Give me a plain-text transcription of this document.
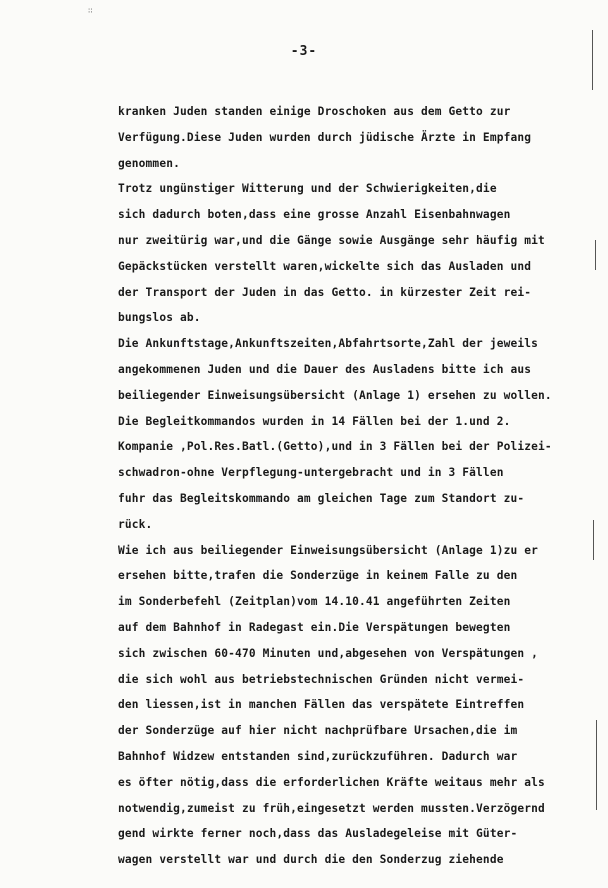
∷
-3-
kranken Juden standen einige Droschoken aus dem Getto zur
Verfügung.Diese Juden wurden durch jüdische Ärzte in Empfang
genommen.
Trotz ungünstiger Witterung und der Schwierigkeiten,die
sich dadurch boten,dass eine grosse Anzahl Eisenbahnwagen
nur zweitürig war,und die Gänge sowie Ausgänge sehr häufig mit
Gepäckstücken verstellt waren,wickelte sich das Ausladen und
der Transport der Juden in das Getto. in kürzester Zeit rei-
bungslos ab.
Die Ankunftstage,Ankunftszeiten,Abfahrtsorte,Zahl der jeweils
angekommenen Juden und die Dauer des Ausladens bitte ich aus
beiliegender Einweisungsübersicht (Anlage 1) ersehen zu wollen.
Die Begleitkommandos wurden in 14 Fällen bei der 1.und 2.
Kompanie ,Pol.Res.Batl.(Getto),und in 3 Fällen bei der Polizei-
schwadron-ohne Verpflegung-untergebracht und in 3 Fällen
fuhr das Begleitskommando am gleichen Tage zum Standort zu-
rück.
Wie ich aus beiliegender Einweisungsübersicht (Anlage 1)zu er
ersehen bitte,trafen die Sonderzüge in keinem Falle zu den
im Sonderbefehl (Zeitplan)vom 14.10.41 angeführten Zeiten
auf dem Bahnhof in Radegast ein.Die Verspätungen bewegten
sich zwischen 60-470 Minuten und,abgesehen von Verspätungen ,
die sich wohl aus betriebstechnischen Gründen nicht vermei-
den liessen,ist in manchen Fällen das verspätete Eintreffen
der Sonderzüge auf hier nicht nachprüfbare Ursachen,die im
Bahnhof Widzew entstanden sind,zurückzuführen. Dadurch war
es öfter nötig,dass die erforderlichen Kräfte weitaus mehr als
notwendig,zumeist zu früh,eingesetzt werden mussten.Verzögernd
gend wirkte ferner noch,dass das Ausladegeleise mit Güter-
wagen verstellt war und durch die den Sonderzug ziehende
